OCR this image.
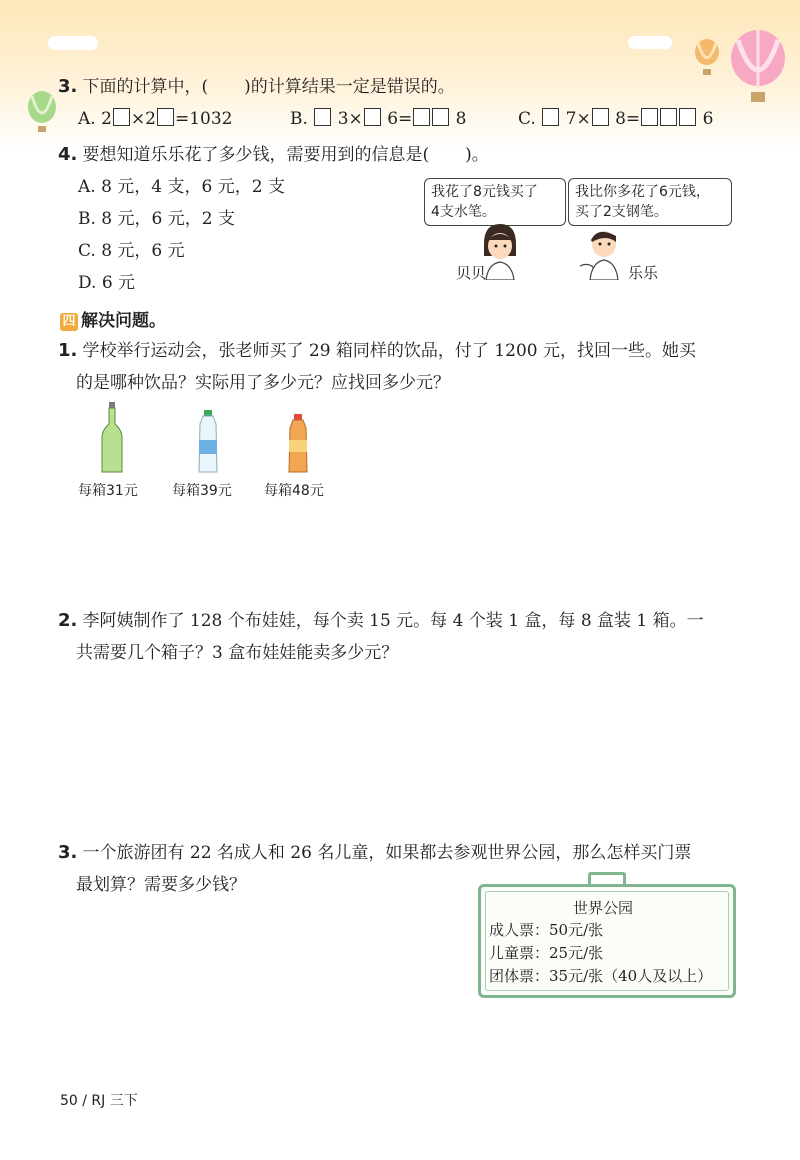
3. 下面的计算中，( )的计算结果一定是错误的。
A. 2 ×2 =1032	B. 3× 6=	8	C. 7× 8=	6
4. 要想知道乐乐花了多少钱，需要用到的信息是( )。
A. 8 元，4 支，6 元，2 支
B. 8 元，6 元，2 支
C. 8 元，6 元
D. 6 元
我花了8元钱买了
4支水笔。
我比你多花了6元钱，
买了2支钢笔。
贝贝	乐乐
四 解决问题。
1. 学校举行运动会，张老师买了 29 箱同样的饮品，付了 1200 元，找回一些。她买
的是哪种饮品？实际用了多少元？应找回多少元？
每箱31元 每箱39元 每箱48元
2. 李阿姨制作了 128 个布娃娃，每个卖 15 元。每 4 个装 1 盒，每 8 盒装 1 箱。一
共需要几个箱子？3 盒布娃娃能卖多少元？
3. 一个旅游团有 22 名成人和 26 名儿童，如果都去参观世界公园，那么怎样买门票
最划算？需要多少钱？
世界公园
成人票：50元/张
儿童票：25元/张
团体票：35元/张（40人及以上）
50 / RJ 三下
